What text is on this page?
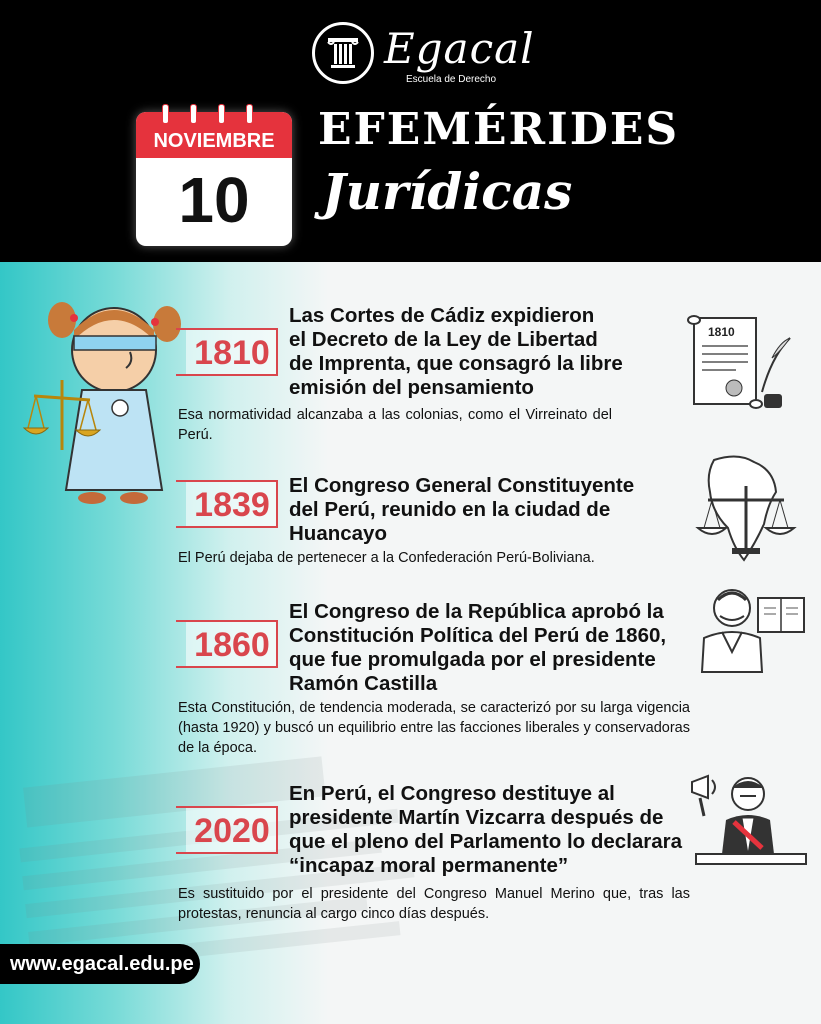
Egacal
Escuela de Derecho
NOVIEMBRE
10
EFEMÉRIDES
Jurídicas
1810
Las Cortes de Cádiz expidieron
el Decreto de la Ley de Libertad
de Imprenta, que consagró la libre
emisión del pensamiento
Esa normatividad alcanzaba a las colonias, como el Virreinato del Perú.
1810
1839
El Congreso General Constituyente
del Perú, reunido en la ciudad de
Huancayo
El Perú dejaba de pertenecer a la Confederación Perú-Boliviana.
1860
El Congreso de la República aprobó la
Constitución Política del Perú de 1860,
que fue promulgada por el presidente
Ramón Castilla
Esta Constitución, de tendencia moderada, se caracterizó por su larga vigencia (hasta 1920) y buscó un equilibrio entre las facciones liberales y conservadoras de la época.
2020
En Perú, el Congreso destituye al
presidente Martín Vizcarra después de
que el pleno del Parlamento lo declarara
“incapaz moral permanente”
Es sustituido por el presidente del Congreso Manuel Merino que, tras las protestas, renuncia al cargo cinco días después.
www.egacal.edu.pe
